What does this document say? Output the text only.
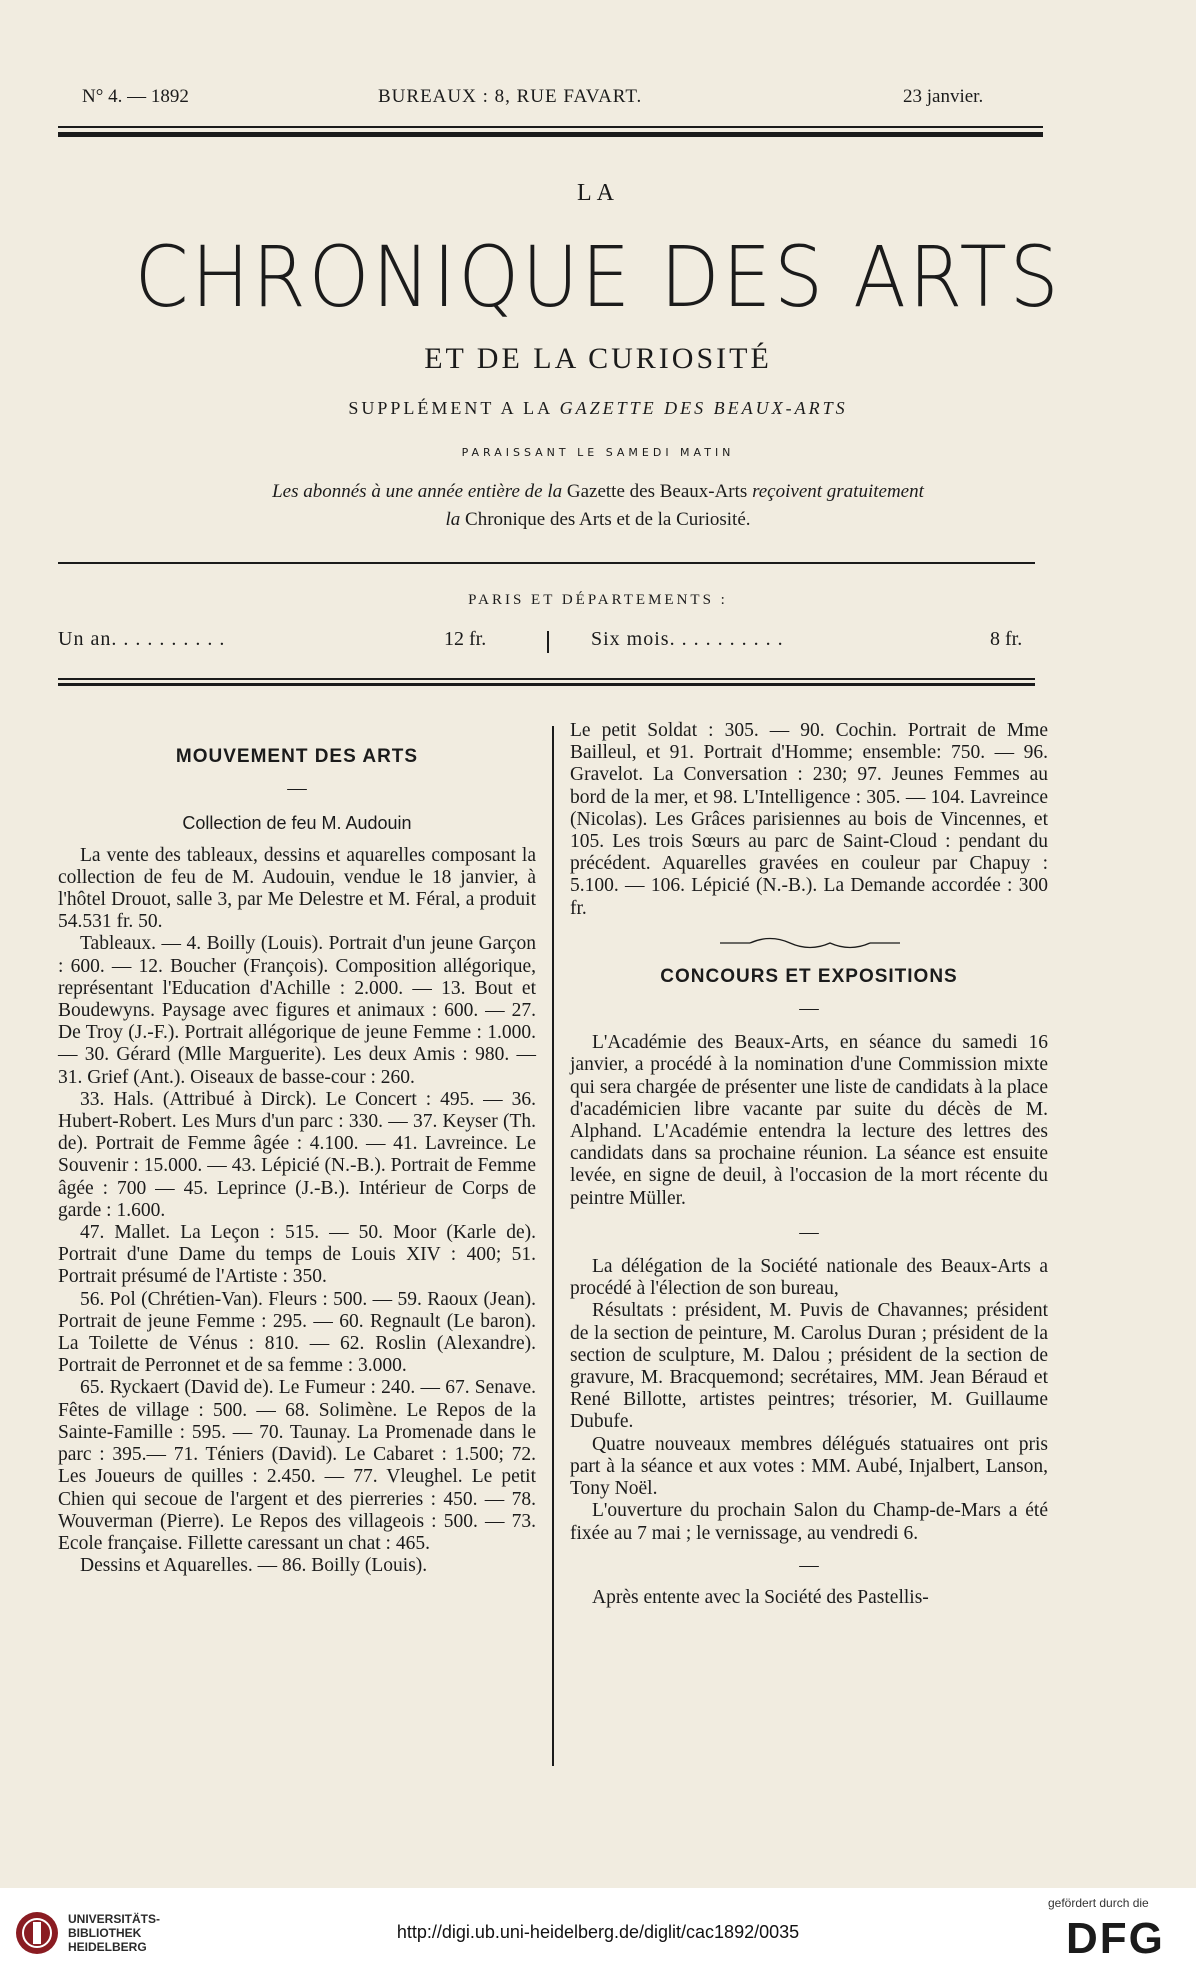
N° 4. — 1892	BUREAUX : 8, RUE FAVART.	23 janvier.
LA
CHRONIQUE DES ARTS
ET DE LA CURIOSITÉ
SUPPLÉMENT A LA GAZETTE DES BEAUX-ARTS
PARAISSANT LE SAMEDI MATIN
Les abonnés à une année entière de la Gazette des Beaux-Arts reçoivent gratuitement
la Chronique des Arts et de la Curiosité.
PARIS ET DÉPARTEMENTS :
Un an. . . . . . . . . .	12 fr.	Six mois. . . . . . . . . .	8 fr.
MOUVEMENT DES ARTS
—
Collection de feu M. Audouin

La vente des tableaux, dessins et aquarelles composant la collection de feu de M. Audouin, vendue le 18 janvier, à l'hôtel Drouot, salle 3, par Me Delestre et M. Féral, a produit 54.531 fr. 50.

Tableaux. — 4. Boilly (Louis). Portrait d'un jeune Garçon : 600. — 12. Boucher (François). Composition allégorique, représentant l'Education d'Achille : 2.000. — 13. Bout et Boudewyns. Paysage avec figures et animaux : 600. — 27. De Troy (J.-F.). Portrait allégorique de jeune Femme : 1.000. — 30. Gérard (Mlle Marguerite). Les deux Amis : 980. — 31. Grief (Ant.). Oiseaux de basse-cour : 260.

33. Hals. (Attribué à Dirck). Le Concert : 495. — 36. Hubert-Robert. Les Murs d'un parc : 330. — 37. Keyser (Th. de). Portrait de Femme âgée : 4.100. — 41. Lavreince. Le Souvenir : 15.000. — 43. Lépicié (N.-B.). Portrait de Femme âgée : 700 — 45. Leprince (J.-B.). Intérieur de Corps de garde : 1.600.

47. Mallet. La Leçon : 515. — 50. Moor (Karle de). Portrait d'une Dame du temps de Louis XIV : 400; 51. Portrait présumé de l'Artiste : 350.

56. Pol (Chrétien-Van). Fleurs : 500. — 59. Raoux (Jean). Portrait de jeune Femme : 295. — 60. Regnault (Le baron). La Toilette de Vénus : 810. — 62. Roslin (Alexandre). Portrait de Perronnet et de sa femme : 3.000.

65. Ryckaert (David de). Le Fumeur : 240. — 67. Senave. Fêtes de village : 500. — 68. Solimène. Le Repos de la Sainte-Famille : 595. — 70. Taunay. La Promenade dans le parc : 395.— 71. Téniers (David). Le Cabaret : 1.500; 72. Les Joueurs de quilles : 2.450. — 77. Vleughel. Le petit Chien qui secoue de l'argent et des pierreries : 450. — 78. Wouverman (Pierre). Le Repos des villageois : 500. — 73. Ecole française. Fillette caressant un chat : 465.

Dessins et Aquarelles. — 86. Boilly (Louis).

Le petit Soldat : 305. — 90. Cochin. Portrait de Mme Bailleul, et 91. Portrait d'Homme; ensemble: 750. — 96. Gravelot. La Conversation : 230; 97. Jeunes Femmes au bord de la mer, et 98. L'Intelligence : 305. — 104. Lavreince (Nicolas). Les Grâces parisiennes au bois de Vincennes, et 105. Les trois Sœurs au parc de Saint-Cloud : pendant du précédent. Aquarelles gravées en couleur par Chapuy : 5.100. — 106. Lépicié (N.-B.). La Demande accordée : 300 fr.

CONCOURS ET EXPOSITIONS
—

L'Académie des Beaux-Arts, en séance du samedi 16 janvier, a procédé à la nomination d'une Commission mixte qui sera chargée de présenter une liste de candidats à la place d'académicien libre vacante par suite du décès de M. Alphand. L'Académie entendra la lecture des lettres des candidats dans sa prochaine réunion. La séance est ensuite levée, en signe de deuil, à l'occasion de la mort récente du peintre Müller.

—

La délégation de la Société nationale des Beaux-Arts a procédé à l'élection de son bureau,

Résultats : président, M. Puvis de Chavannes; président de la section de peinture, M. Carolus Duran ; président de la section de sculpture, M. Dalou ; président de la section de gravure, M. Bracquemond; secrétaires, MM. Jean Béraud et René Billotte, artistes peintres; trésorier, M. Guillaume Dubufe.

Quatre nouveaux membres délégués statuaires ont pris part à la séance et aux votes : MM. Aubé, Injalbert, Lanson, Tony Noël.

L'ouverture du prochain Salon du Champ-de-Mars a été fixée au 7 mai ; le vernissage, au vendredi 6.

—

Après entente avec la Société des Pastellis-

UNIVERSITÄTS-
BIBLIOTHEK
HEIDELBERG
http://digi.ub.uni-heidelberg.de/diglit/cac1892/0035
gefördert durch die
DFG
